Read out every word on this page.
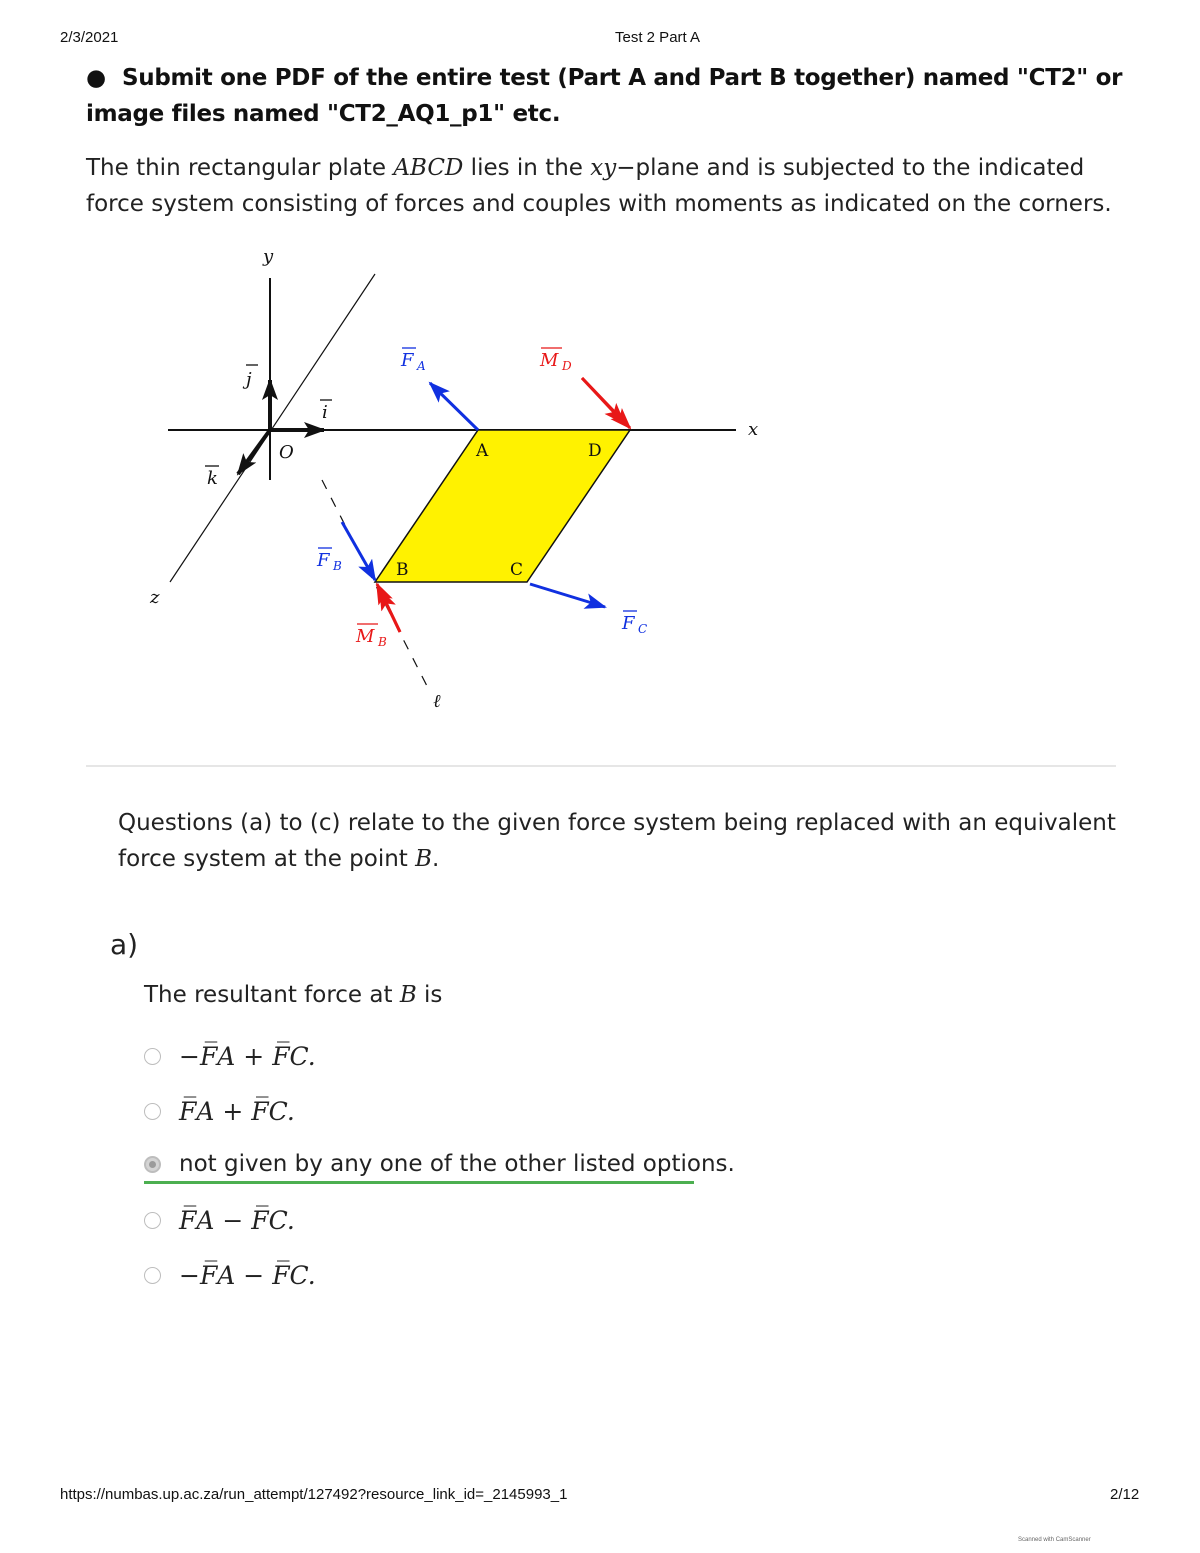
2/3/2021	Test 2 Part A
● Submit one PDF of the entire test (Part A and Part B together) named "CT2" or image files named "CT2_AQ1_p1" etc.
The thin rectangular plate ABCD lies in the xy−plane and is subjected to the indicated force system consisting of forces and couples with moments as indicated on the corners.
y
x
z
j
i
k
O
ℓ
A	D
B	C
F A
F B
F C
M D
M B
Questions (a) to (c) relate to the given force system being replaced with an equivalent force system at the point B.
a)
The resultant force at B is
−F̅A + F̅C.
F̅A + F̅C.
not given by any one of the other listed options.
F̅A − F̅C.
−F̅A − F̅C.
https://numbas.up.ac.za/run_attempt/127492?resource_link_id=_2145993_1	2/12
Scanned with CamScanner
